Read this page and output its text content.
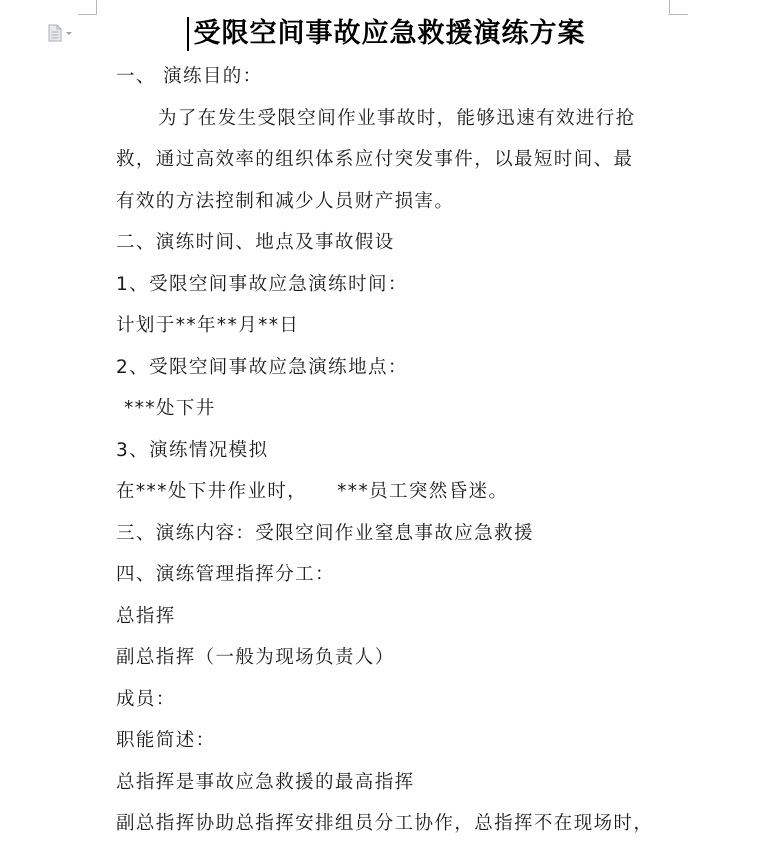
受限空间事故应急救援演练方案
一、 演练目的：
为了在发生受限空间作业事故时，能够迅速有效进行抢
救，通过高效率的组织体系应付突发事件，以最短时间、最
有效的方法控制和减少人员财产损害。
二、演练时间、地点及事故假设
1、受限空间事故应急演练时间：
计划于**年**月**日
2、受限空间事故应急演练地点：
***处下井
3、演练情况模拟
在***处下井作业时， ***员工突然昏迷。
三、演练内容：受限空间作业窒息事故应急救援
四、演练管理指挥分工：
总指挥
副总指挥（一般为现场负责人）
成员：
职能简述：
总指挥是事故应急救援的最高指挥
副总指挥协助总指挥安排组员分工协作，总指挥不在现场时，
